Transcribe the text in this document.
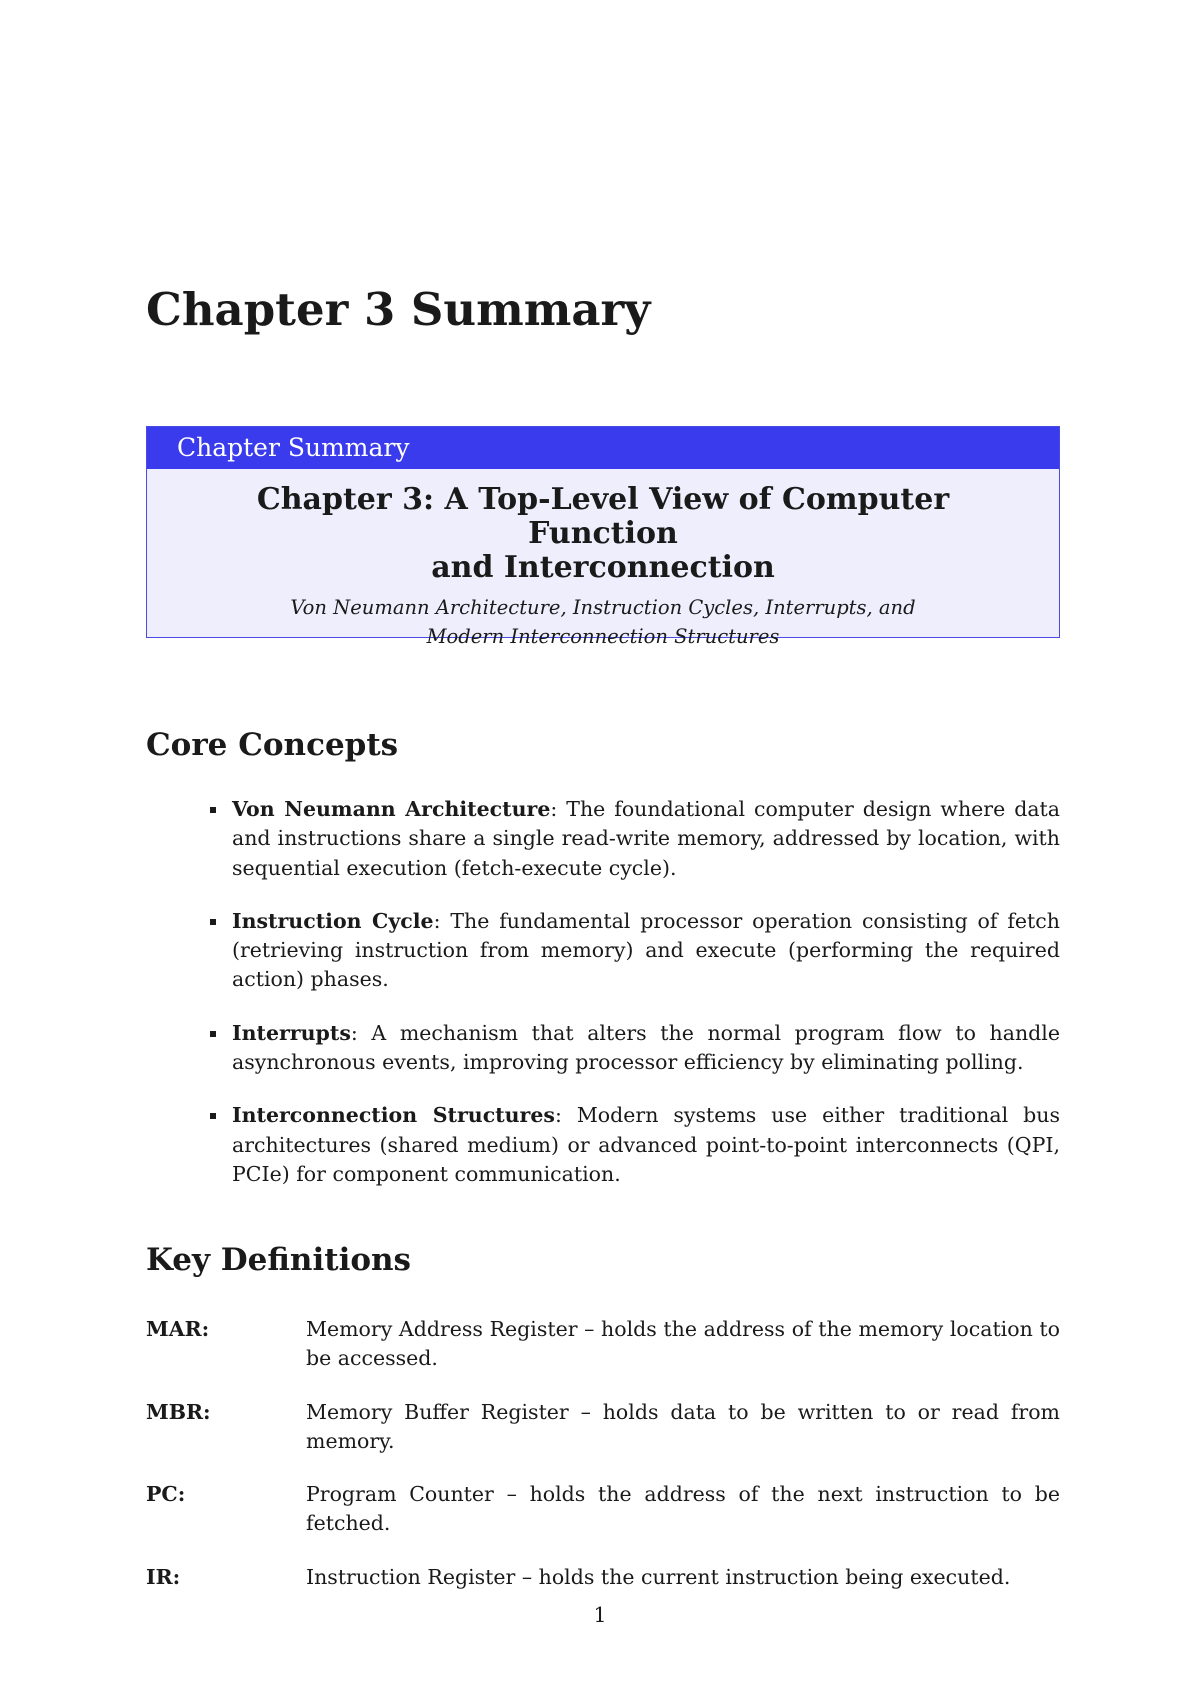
Chapter 3 Summary
Chapter Summary
Chapter 3: A Top-Level View of Computer Function
and Interconnection
Von Neumann Architecture, Instruction Cycles, Interrupts, and Modern Interconnection Structures
Core Concepts
Von Neumann Architecture: The foundational computer design where data and instructions share a single read-write memory, addressed by location, with sequential execution (fetch-execute cycle).
Instruction Cycle: The fundamental processor operation consisting of fetch (retrieving instruction from memory) and execute (performing the required action) phases.
Interrupts: A mechanism that alters the normal program flow to handle asynchronous events, improving processor efficiency by eliminating polling.
Interconnection Structures: Modern systems use either traditional bus architectures (shared medium) or advanced point-to-point interconnects (QPI, PCIe) for component communication.
Key Definitions
MAR:	Memory Address Register – holds the address of the memory location to be accessed.
MBR:	Memory Buffer Register – holds data to be written to or read from memory.
PC:	Program Counter – holds the address of the next instruction to be fetched.
IR:	Instruction Register – holds the current instruction being executed.
1
